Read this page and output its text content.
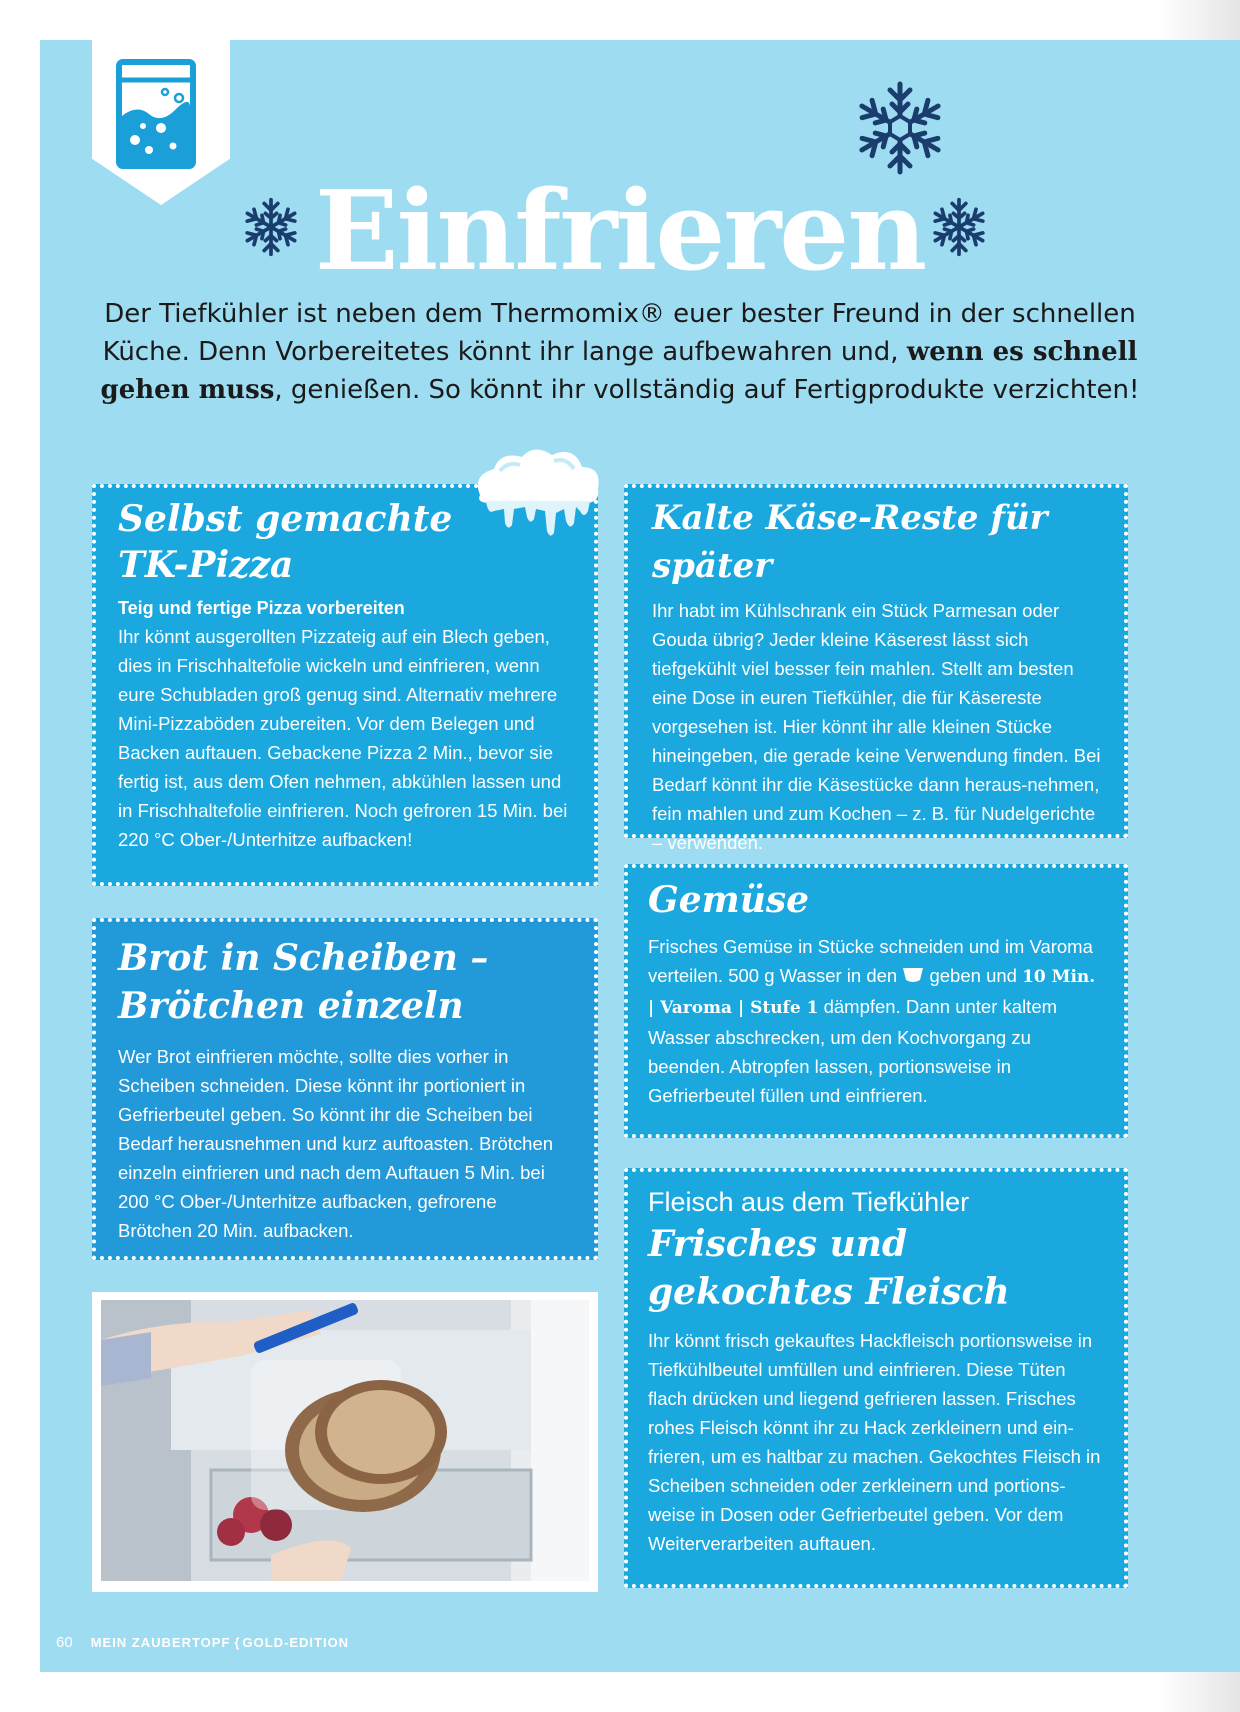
Einfrieren
Der Tiefkühler ist neben dem Thermomix® euer bester Freund in der schnellen Küche. Denn Vorbereitetes könnt ihr lange aufbewahren und, wenn es schnell gehen muss, genießen. So könnt ihr vollständig auf Fertigprodukte verzichten!

Selbst gemachte
TK-Pizza

Teig und fertige Pizza vorbereiten

Ihr könnt ausgerollten Pizzateig auf ein Blech geben, dies in Frischhaltefolie wickeln und einfrieren, wenn eure Schubladen groß genug sind. Alternativ mehrere Mini-Pizzaböden zubereiten. Vor dem Belegen und Backen auftauen. Gebackene Pizza 2 Min., bevor sie fertig ist, aus dem Ofen nehmen, abkühlen lassen und in Frischhaltefolie einfrieren. Noch gefroren 15 Min. bei 220 °C Ober-/Unterhitze aufbacken!

Brot in Scheiben –
Brötchen einzeln

Wer Brot einfrieren möchte, sollte dies vorher in Scheiben schneiden. Diese könnt ihr portioniert in Gefrierbeutel geben. So könnt ihr die Scheiben bei Bedarf herausnehmen und kurz auftoasten. Brötchen einzeln einfrieren und nach dem Auftauen 5 Min. bei 200 °C Ober-/Unterhitze aufbacken, gefrorene Brötchen 20 Min. aufbacken.

Kalte Käse-Reste für später

Ihr habt im Kühlschrank ein Stück Parmesan oder Gouda übrig? Jeder kleine Käserest lässt sich tiefgekühlt viel besser fein mahlen. Stellt am besten eine Dose in euren Tiefkühler, die für Käsereste vorgesehen ist. Hier könnt ihr alle kleinen Stücke hineingeben, die gerade keine Verwendung finden. Bei Bedarf könnt ihr die Käsestücke dann heraus-nehmen, fein mahlen und zum Kochen – z. B. für Nudelgerichte – verwenden.

Gemüse

Frisches Gemüse in Stücke schneiden und im Varoma verteilen. 500 g Wasser in den  geben und 10 Min. | Varoma | Stufe 1 dämpfen. Dann unter kaltem Wasser abschrecken, um den Kochvorgang zu beenden. Abtropfen lassen, portionsweise in Gefrierbeutel füllen und einfrieren.

Fleisch aus dem Tiefkühler

Frisches und
gekochtes Fleisch

Ihr könnt frisch gekauftes Hackfleisch portionsweise in Tiefkühlbeutel umfüllen und einfrieren. Diese Tüten flach drücken und liegend gefrieren lassen. Frisches rohes Fleisch könnt ihr zu Hack zerkleinern und ein-frieren, um es haltbar zu machen. Gekochtes Fleisch in Scheiben schneiden oder zerkleinern und portions-weise in Dosen oder Gefrierbeutel geben. Vor dem Weiterverarbeiten auftauen.

60 MEIN ZAUBERTOPF { GOLD-EDITION
